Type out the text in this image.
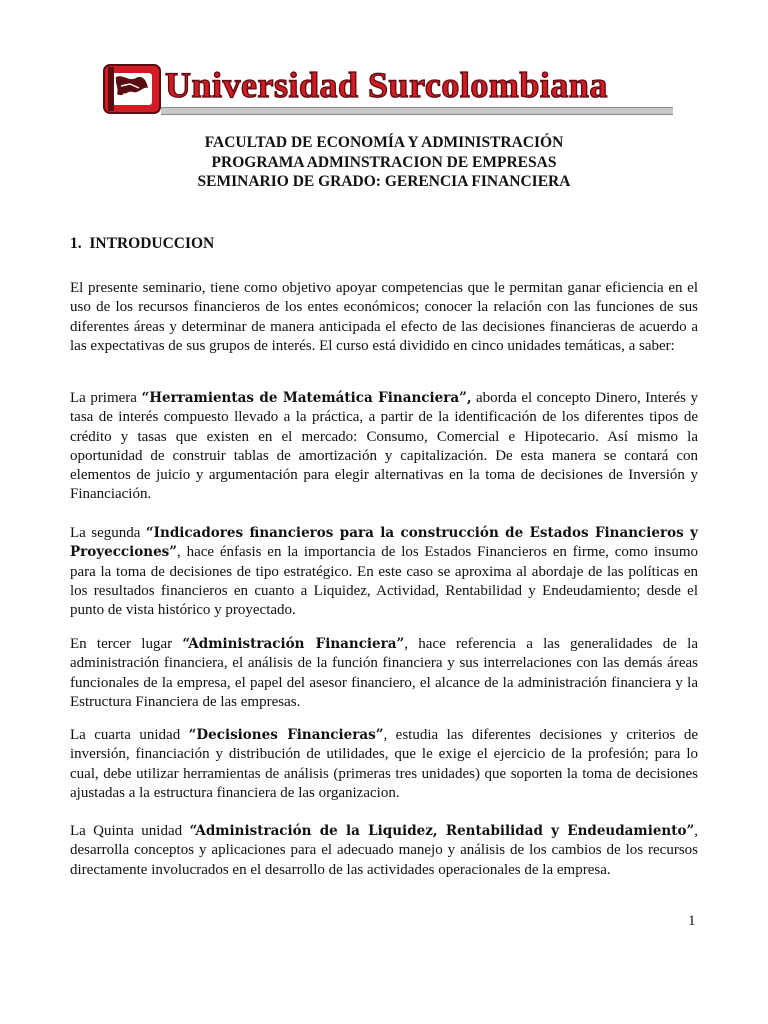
Universidad Surcolombiana
FACULTAD DE ECONOMÍA Y ADMINISTRACIÓN
PROGRAMA ADMINSTRACION DE EMPRESAS
SEMINARIO DE GRADO: GERENCIA FINANCIERA
1. INTRODUCCION
El presente seminario, tiene como objetivo apoyar competencias que le permitan ganar eficiencia en el uso de los recursos financieros de los entes económicos; conocer la relación con las funciones de sus diferentes áreas y determinar de manera anticipada el efecto de las decisiones financieras de acuerdo a las expectativas de sus grupos de interés. El curso está dividido en cinco unidades temáticas, a saber:
La primera “Herramientas de Matemática Financiera”, aborda el concepto Dinero, Interés y tasa de interés compuesto llevado a la práctica, a partir de la identificación de los diferentes tipos de crédito y tasas que existen en el mercado: Consumo, Comercial e Hipotecario. Así mismo la oportunidad de construir tablas de amortización y capitalización. De esta manera se contará con elementos de juicio y argumentación para elegir alternativas en la toma de decisiones de Inversión y Financiación.
La segunda “Indicadores financieros para la construcción de Estados Financieros y Proyecciones”, hace énfasis en la importancia de los Estados Financieros en firme, como insumo para la toma de decisiones de tipo estratégico. En este caso se aproxima al abordaje de las políticas en los resultados financieros en cuanto a Liquidez, Actividad, Rentabilidad y Endeudamiento; desde el punto de vista histórico y proyectado.
En tercer lugar “Administración Financiera”, hace referencia a las generalidades de la administración financiera, el análisis de la función financiera y sus interrelaciones con las demás áreas funcionales de la empresa, el papel del asesor financiero, el alcance de la administración financiera y la Estructura Financiera de las empresas.
La cuarta unidad “Decisiones Financieras”, estudia las diferentes decisiones y criterios de inversión, financiación y distribución de utilidades, que le exige el ejercicio de la profesión; para lo cual, debe utilizar herramientas de análisis (primeras tres unidades) que soporten la toma de decisiones ajustadas a la estructura financiera de las organizacion.
La Quinta unidad “Administración de la Liquidez, Rentabilidad y Endeudamiento”, desarrolla conceptos y aplicaciones para el adecuado manejo y análisis de los cambios de los recursos directamente involucrados en el desarrollo de las actividades operacionales de la empresa.
1
